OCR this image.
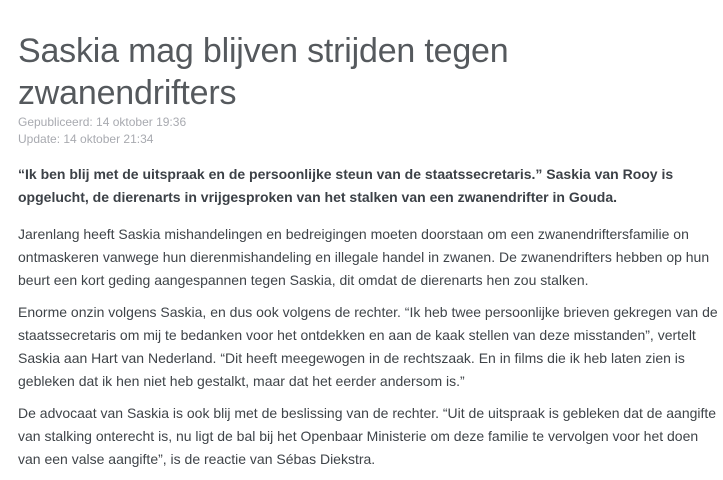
Saskia mag blijven strijden tegen zwanendrifters
Gepubliceerd: 14 oktober 19:36
Update: 14 oktober 21:34

“Ik ben blij met de uitspraak en de persoonlijke steun van de staatssecretaris.” Saskia van Rooy is opgelucht, de dierenarts in vrijgesproken van het stalken van een zwanendrifter in Gouda.

Jarenlang heeft Saskia mishandelingen en bedreigingen moeten doorstaan om een zwanendriftersfamilie on ontmaskeren vanwege hun dierenmishandeling en illegale handel in zwanen. De zwanendrifters hebben op hun beurt een kort geding aangespannen tegen Saskia, dit omdat de dierenarts hen zou stalken.

Enorme onzin volgens Saskia, en dus ook volgens de rechter. “Ik heb twee persoonlijke brieven gekregen van de staatssecretaris om mij te bedanken voor het ontdekken en aan de kaak stellen van deze misstanden”, vertelt Saskia aan Hart van Nederland. “Dit heeft meegewogen in de rechtszaak. En in films die ik heb laten zien is gebleken dat ik hen niet heb gestalkt, maar dat het eerder andersom is.”

De advocaat van Saskia is ook blij met de beslissing van de rechter. “Uit de uitspraak is gebleken dat de aangifte van stalking onterecht is, nu ligt de bal bij het Openbaar Ministerie om deze familie te vervolgen voor het doen van een valse aangifte”, is de reactie van Sébas Diekstra.
